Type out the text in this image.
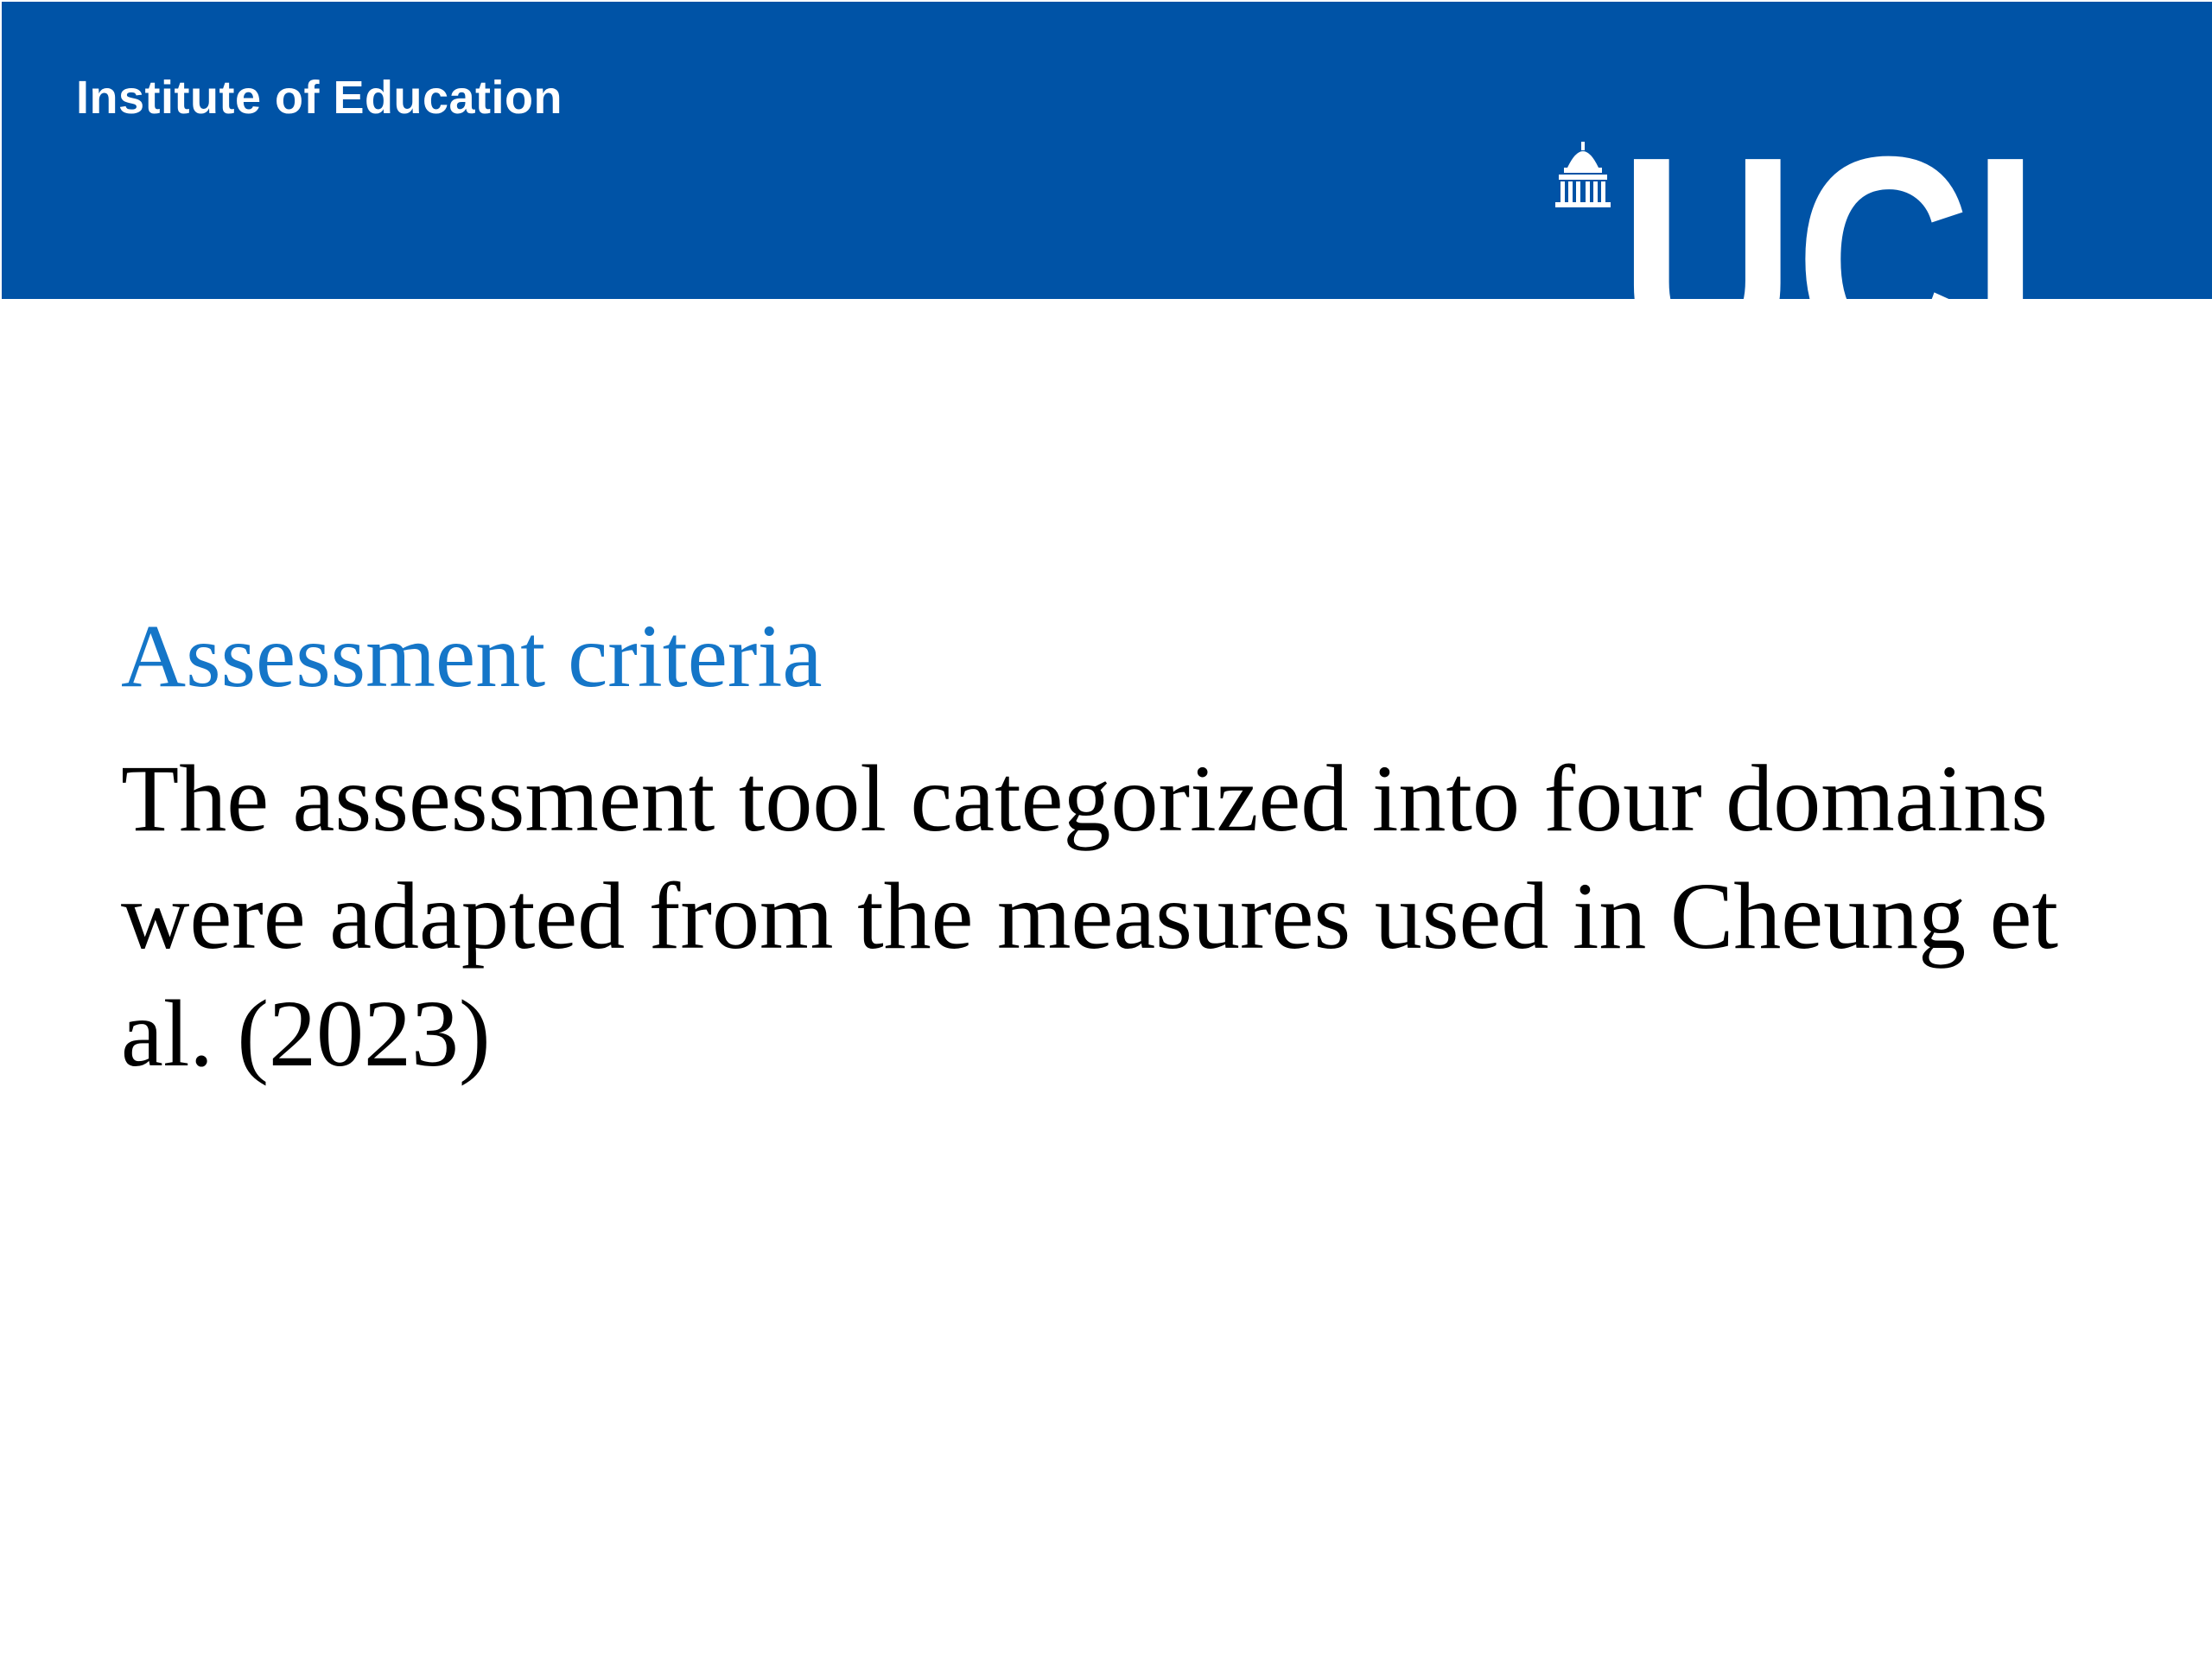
Institute of Education	UCL
Assessment criteria

The assessment tool categorized into four domains were adapted from the measures used in Cheung et al. (2023)
